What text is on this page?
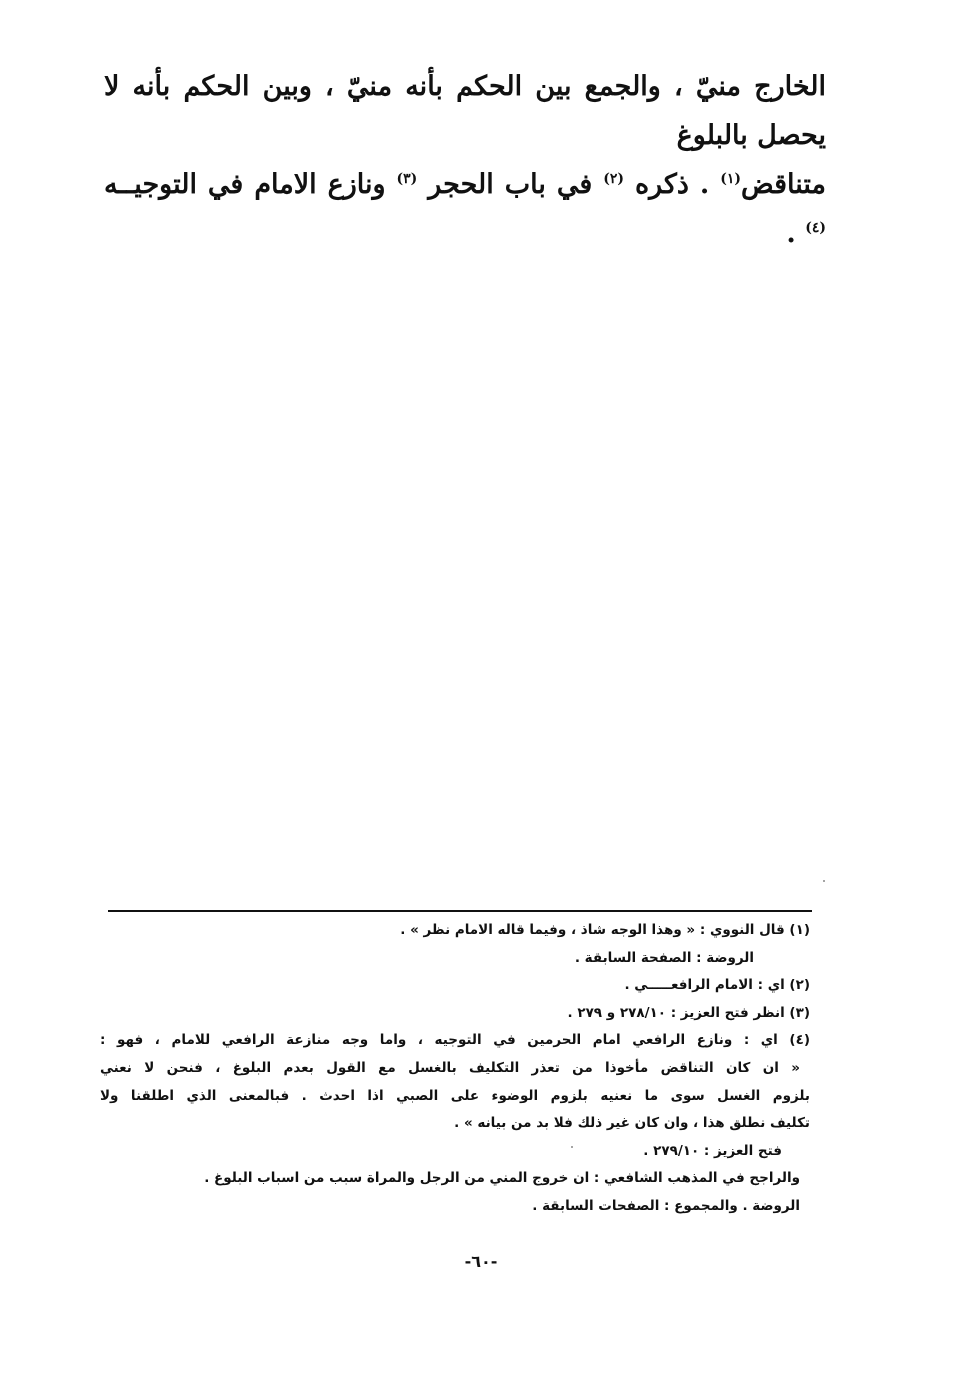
الخارج منيّ ، والجمع بين الحكم بأنه منيّ ، وبين الحكم بأنه لا يحصل بالبلوغ

متناقض$^{(١)}$ . ذكره $^{(٢)}$ في باب الحجر $^{(٣)}$ ونازع الامام في التوجيــه $^{(٤)}$ .

(١) قال النووي : « وهذا الوجه شاذ ، وفيما قاله الامام نظر » .

الروضة : الصفحة السابقة .

(٢) اي : الامام الرافعـــــي .

(٣) انظر فتح العزيز : ٢٧٨/١٠ و ٢٧٩ .

(٤) اي : ونازع الرافعي امام الحرمين في التوجيه ، واما وجه منازعة الرافعي للامام ، فهو :

« ان كان التناقض مأخوذا من تعذر التكليف بالغسل مع القول بعدم البلوغ ، فنحن لا نعني

بلزوم الغسل سوى ما نعنيه بلزوم الوضوء على الصبي اذا احدث . فبالمعنى الذي اطلقنا ولا

تكليف نطلق هذا ، وان كان غير ذلك فلا بد من بيانه » .

فتح العزيز : ٢٧٩/١٠ .

والراجح في المذهب الشافعي : ان خروج المني من الرجل والمراة سبب من اسباب البلوغ .

الروضة . والمجموع : الصفحات السابقة .

-٦٠-
